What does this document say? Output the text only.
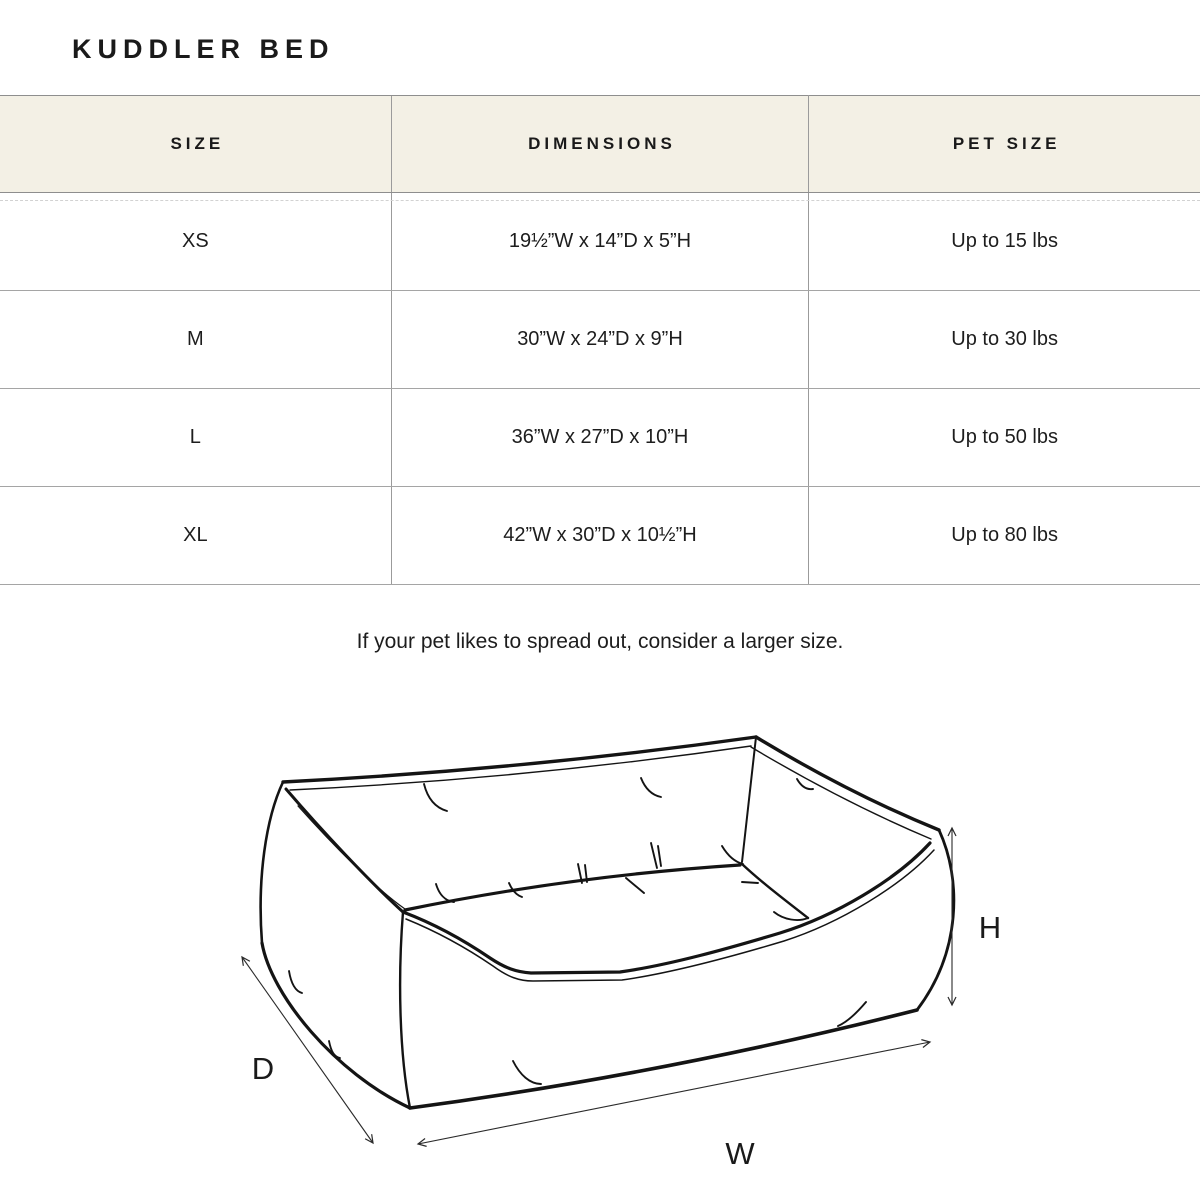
KUDDLER BED
SIZE	DIMENSIONS	PET SIZE
XS	19½”W x 14”D x 5”H	Up to 15 lbs
M	30”W x 24”D x 9”H	Up to 30 lbs
L	36”W x 27”D x 10”H	Up to 50 lbs
XL	42”W x 30”D x 10½”H	Up to 80 lbs

If your pet likes to spread out, consider a larger size.

H
D
W
